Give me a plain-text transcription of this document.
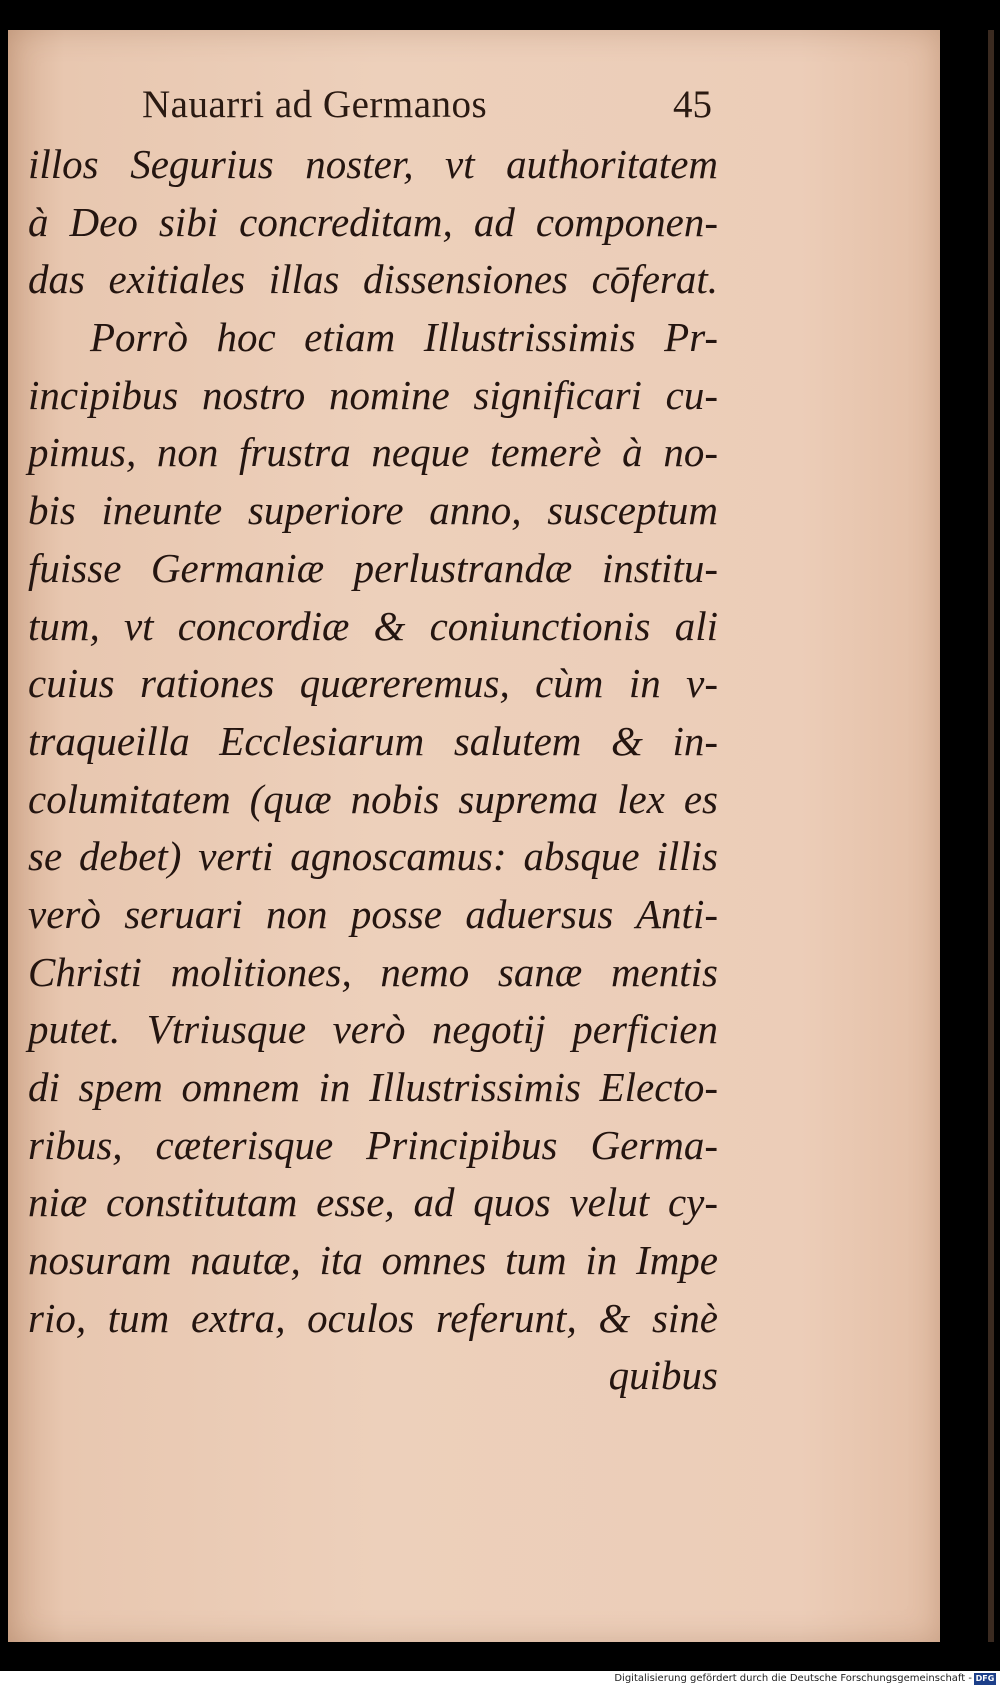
Nauarri ad Germanos	45
illos Segurius noster, vt authoritatem
à Deo sibi concreditam, ad componen-
das exitiales illas dissensiones cōferat.
Porrò hoc etiam Illustrissimis Pr-
incipibus nostro nomine significari cu-
pimus, non frustra neque temerè à no-
bis ineunte superiore anno, susceptum
fuisse Germaniæ perlustrandæ institu-
tum, vt concordiæ & coniunctionis ali
cuius rationes quæreremus, cùm in v-
traqueilla Ecclesiarum salutem & in-
columitatem (quæ nobis suprema lex es
se debet) verti agnoscamus: absque illis
verò seruari non posse aduersus Anti-
Christi molitiones, nemo sanæ mentis
putet. Vtriusque verò negotij perficien
di spem omnem in Illustrissimis Electo-
ribus, cæterisque Principibus Germa-
niæ constitutam esse, ad quos velut cy-
nosuram nautæ, ita omnes tum in Impe
rio, tum extra, oculos referunt, & sinè
quibus
Digitalisierung gefördert durch die Deutsche Forschungsgemeinschaft - DFG
